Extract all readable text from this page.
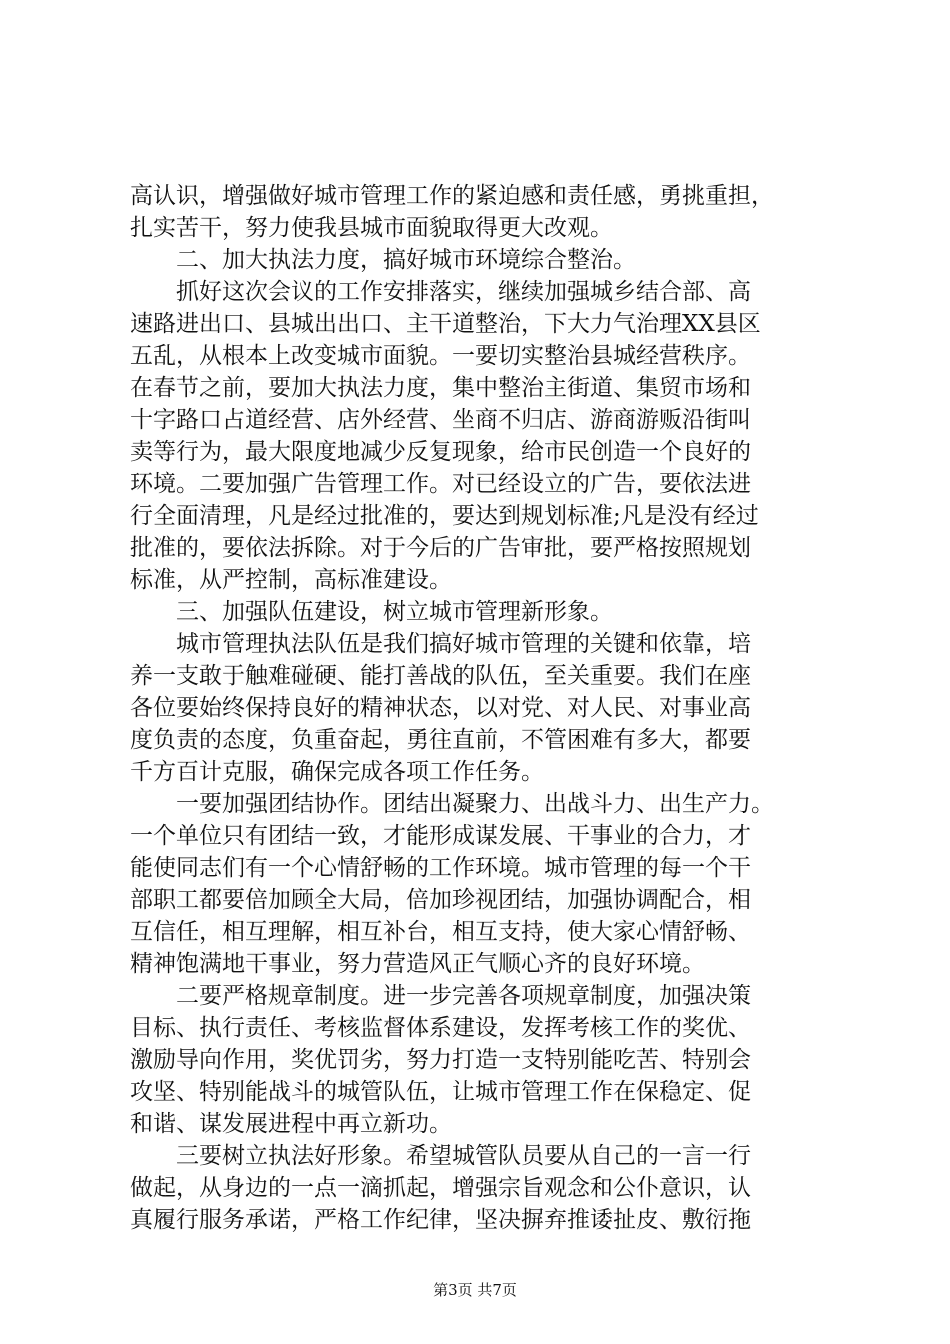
高认识，增强做好城市管理工作的紧迫感和责任感，勇挑重担，
扎实苦干，努力使我县城市面貌取得更大改观。
　　二、加大执法力度，搞好城市环境综合整治。
　　抓好这次会议的工作安排落实，继续加强城乡结合部、高
速路进出口、县城出出口、主干道整治，下大力气治理XX县区
五乱，从根本上改变城市面貌。一要切实整治县城经营秩序。
在春节之前，要加大执法力度，集中整治主街道、集贸市场和
十字路口占道经营、店外经营、坐商不归店、游商游贩沿街叫
卖等行为，最大限度地减少反复现象，给市民创造一个良好的
环境。二要加强广告管理工作。对已经设立的广告，要依法进
行全面清理，凡是经过批准的，要达到规划标准;凡是没有经过
批准的，要依法拆除。对于今后的广告审批，要严格按照规划
标准，从严控制，高标准建设。
　　三、加强队伍建设，树立城市管理新形象。
　　城市管理执法队伍是我们搞好城市管理的关键和依靠，培
养一支敢于触难碰硬、能打善战的队伍，至关重要。我们在座
各位要始终保持良好的精神状态，以对党、对人民、对事业高
度负责的态度，负重奋起，勇往直前，不管困难有多大，都要
千方百计克服，确保完成各项工作任务。
　　一要加强团结协作。团结出凝聚力、出战斗力、出生产力。
一个单位只有团结一致，才能形成谋发展、干事业的合力，才
能使同志们有一个心情舒畅的工作环境。城市管理的每一个干
部职工都要倍加顾全大局，倍加珍视团结，加强协调配合，相
互信任，相互理解，相互补台，相互支持，使大家心情舒畅、
精神饱满地干事业，努力营造风正气顺心齐的良好环境。
　　二要严格规章制度。进一步完善各项规章制度，加强决策
目标、执行责任、考核监督体系建设，发挥考核工作的奖优、
激励导向作用，奖优罚劣，努力打造一支特别能吃苦、特别会
攻坚、特别能战斗的城管队伍，让城市管理工作在保稳定、促
和谐、谋发展进程中再立新功。
　　三要树立执法好形象。希望城管队员要从自己的一言一行
做起，从身边的一点一滴抓起，增强宗旨观念和公仆意识，认
真履行服务承诺，严格工作纪律，坚决摒弃推诿扯皮、敷衍拖
第3页 共7页
